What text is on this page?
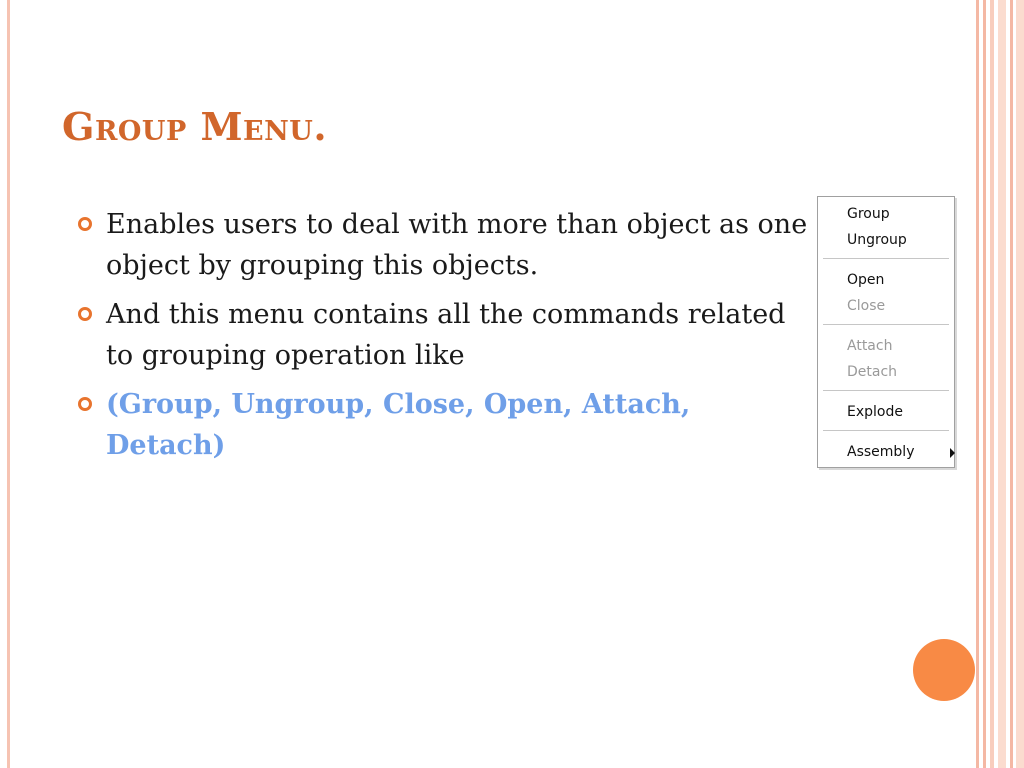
Group Menu.
Enables users to deal with more than object as one object by grouping this objects.
And this menu contains all the commands related to grouping operation like
(Group, Ungroup, Close, Open, Attach, Detach)
Group
Ungroup
Open
Close
Attach
Detach
Explode
Assembly
